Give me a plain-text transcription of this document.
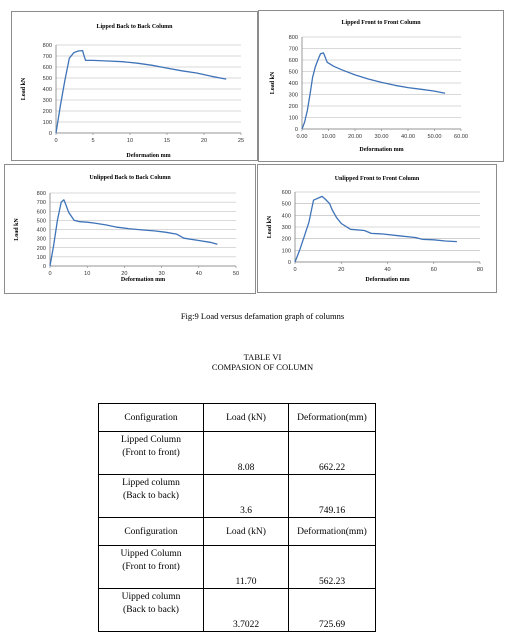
Lipped Back to Back Column
0
100
200
300
400
500
600
700
800
0	5	10	15	20	25
Deformation mm
Load kN
Lipped Front to Front Column
0
100
200
300
400
500
600
700
800
0.00	10.00 20.00 30.00 40.00 50.00 60.00
Deformation mm
Load kN
Unlipped Back to Back Column
0
100
200
300
400
500
600
700
800
0	10	20	30	40	50
Deformation mm
Load kN
Unlipped Front to Front Column
0
100
200
300
400
500
600
0	20	40	60	80
Deformation mm
Load kN
Fig:9 Load versus defamation graph of columns
TABLE VI
COMPASION OF COLUMN
Configuration	Load (kN)	Deformation(mm)
Lipped Column
(Front to front)	8.08	662.22
Lipped column
(Back to back)	3.6	749.16
Configuration	Load (kN)	Deformation(mm)
Uipped Column
(Front to front)	11.70	562.23
Uipped column
(Back to back)	3.7022	725.69
